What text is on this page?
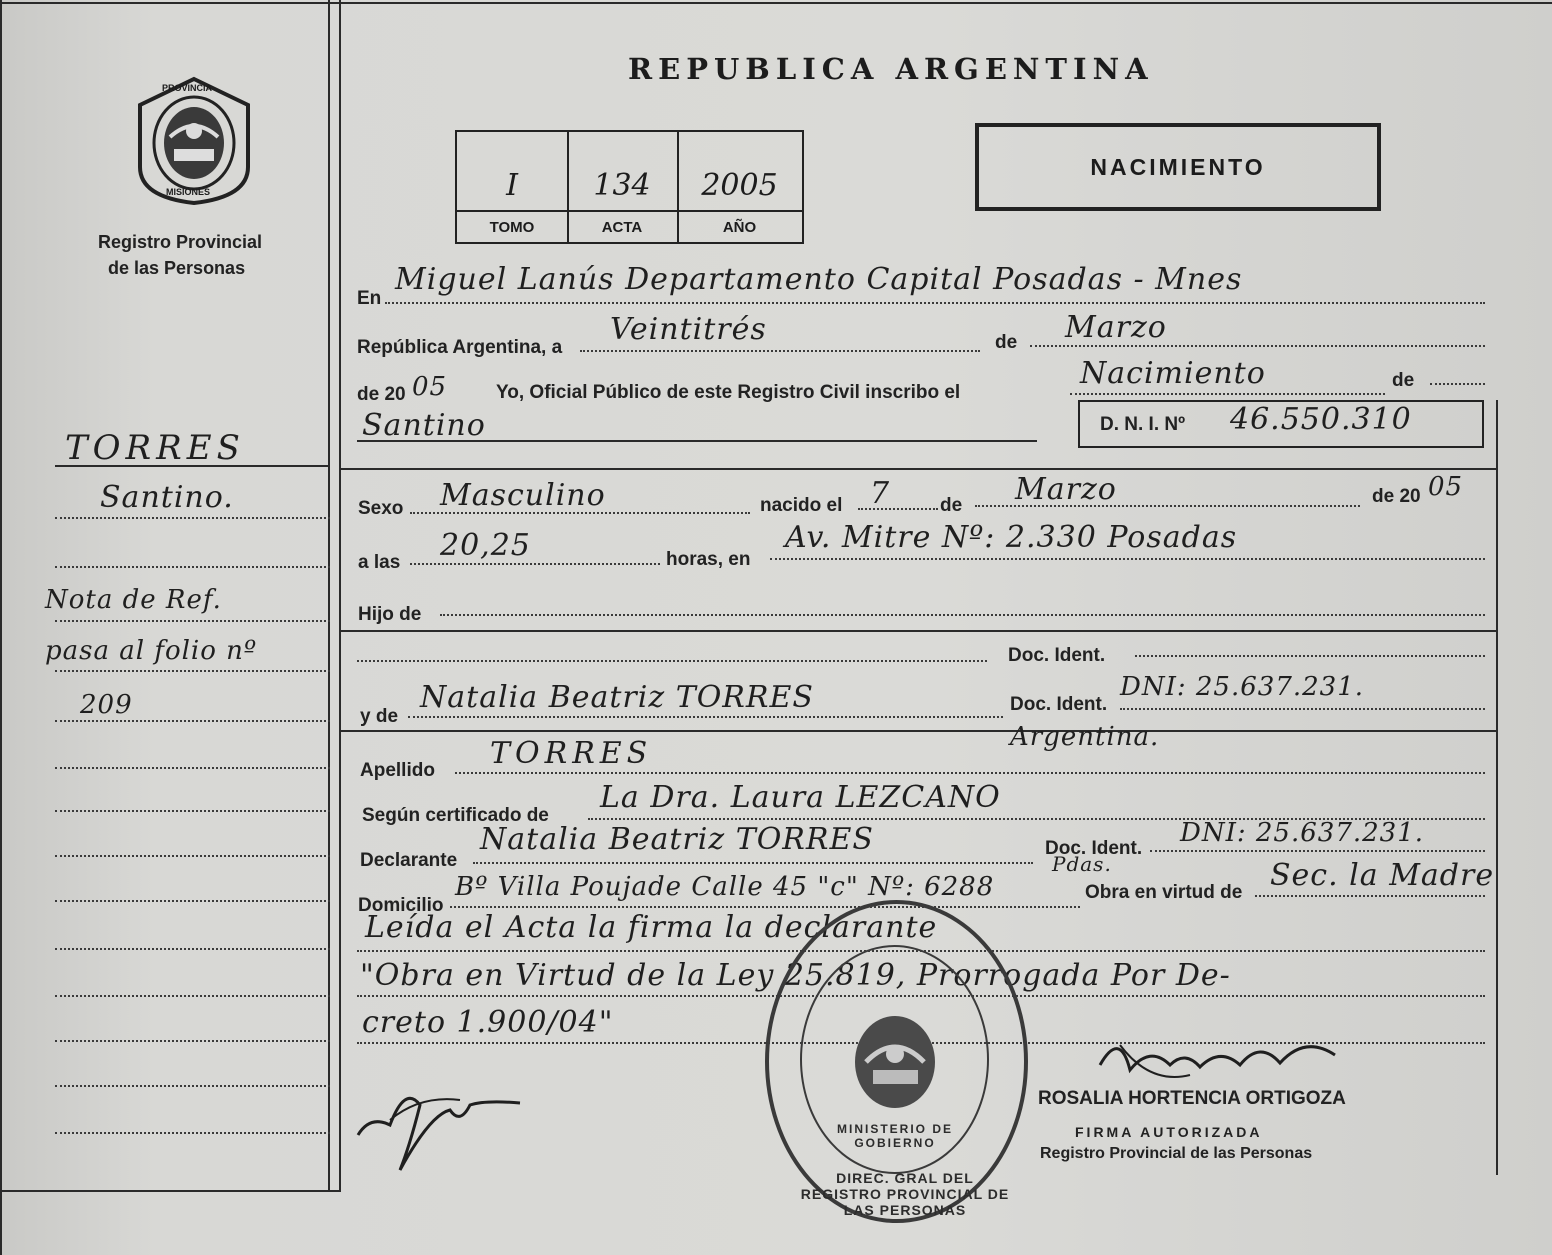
PROVINCIA
MISIONES
Registro Provincial
de las Personas
TORRES
Santino.
Nota de Ref.
pasa al folio nº
209
REPUBLICA ARGENTINA
I
TOMO
134
ACTA
2005
AÑO
NACIMIENTO
En
Miguel Lanús Departamento Capital Posadas - Mnes
República Argentina, a
Veintitrés	de Marzo
de 20 05	Yo, Oficial Público de este Registro Civil inscribo el
Nacimiento	de
Santino	D. N. I. Nº 46.550.310
Sexo Masculino	nacido el 7	de Marzo	de 20 05
a las 20,25	horas, en
Av. Mitre Nº: 2.330 Posadas
Hijo de
Doc. Ident.
y de
Natalia Beatriz TORRES	Doc. Ident.
DNI: 25.637.231.
Argentina.
Apellido TORRES
Según certificado de
La Dra. Laura LEZCANO
Declarante
Natalia Beatriz TORRES	Doc. Ident.
DNI: 25.637.231.
Domicilio
Bº Villa Poujade Calle 45 "c" Nº: 6288
Pdas.
Obra en virtud de Sec. la Madre
Leída el Acta la firma la declarante
"Obra en Virtud de la Ley 25.819, Prorrogada Por De-
creto 1.900/04"
DIREC. GRAL DEL REGISTRO PROVINCIAL DE LAS PERSONAS
MINISTERIO DE GOBIERNO
ROSALIA HORTENCIA ORTIGOZA
FIRMA AUTORIZADA
Registro Provincial de las Personas
